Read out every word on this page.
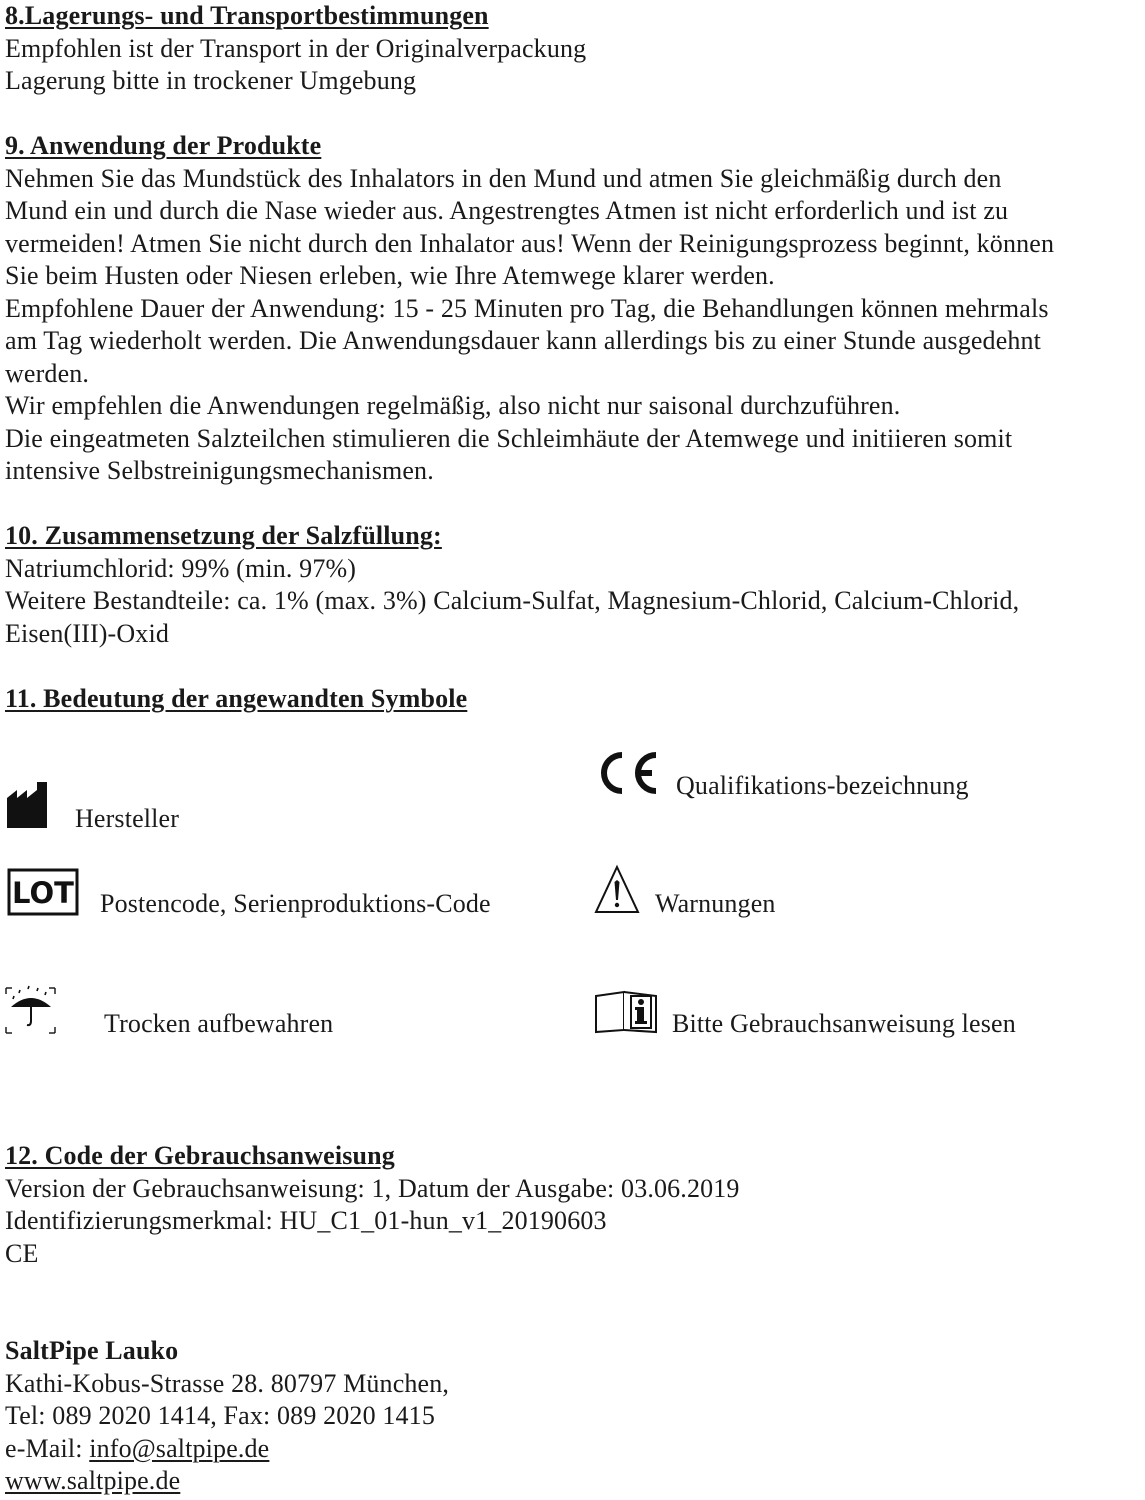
8.Lagerungs- und Transportbestimmungen
Empfohlen ist der Transport in der Originalverpackung
Lagerung bitte in trockener Umgebung
9. Anwendung der Produkte
Nehmen Sie das Mundstück des Inhalators in den Mund und atmen Sie gleichmäßig durch den
Mund ein und durch die Nase wieder aus. Angestrengtes Atmen ist nicht erforderlich und ist zu
vermeiden! Atmen Sie nicht durch den Inhalator aus! Wenn der Reinigungsprozess beginnt, können
Sie beim Husten oder Niesen erleben, wie Ihre Atemwege klarer werden.
Empfohlene Dauer der Anwendung: 15 - 25 Minuten pro Tag, die Behandlungen können mehrmals
am Tag wiederholt werden. Die Anwendungsdauer kann allerdings bis zu einer Stunde ausgedehnt
werden.
Wir empfehlen die Anwendungen regelmäßig, also nicht nur saisonal durchzuführen.
Die eingeatmeten Salzteilchen stimulieren die Schleimhäute der Atemwege und initiieren somit
intensive Selbstreinigungsmechanismen.
10. Zusammensetzung der Salzfüllung:
Natriumchlorid: 99% (min. 97%)
Weitere Bestandteile: ca. 1% (max. 3%) Calcium-Sulfat, Magnesium-Chlorid, Calcium-Chlorid,
Eisen(III)-Oxid
11. Bedeutung der angewandten Symbole
Hersteller
Qualifikations-bezeichnung
LOT Postencode, Serienproduktions-Code	Warnungen
Trocken aufbewahren	Bitte Gebrauchsanweisung lesen
12. Code der Gebrauchsanweisung
Version der Gebrauchsanweisung: 1, Datum der Ausgabe: 03.06.2019
Identifizierungsmerkmal: HU_C1_01-hun_v1_20190603
CE
SaltPipe Lauko
Kathi-Kobus-Strasse 28. 80797 München,
Tel: 089 2020 1414, Fax: 089 2020 1415
e-Mail: info@saltpipe.de
www.saltpipe.de
